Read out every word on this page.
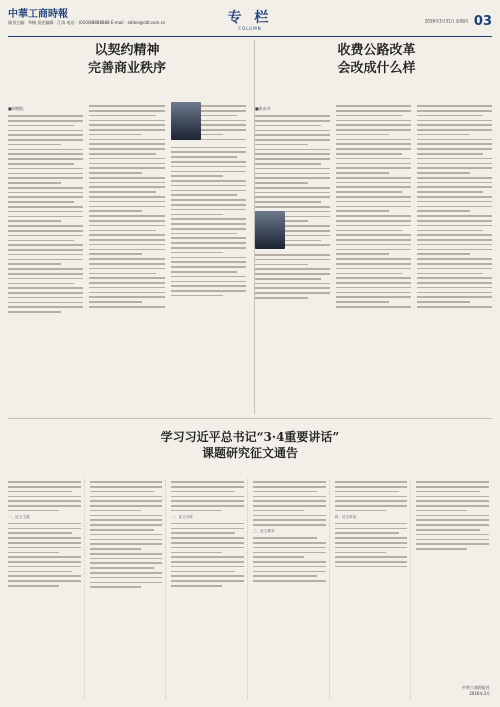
中華工商時報
副刊主编：李楠 责任编辑：江涛 电话：(010)88888888 E-mail：editor@cbt.com.cn	专 栏
COLUMN
2016年3月31日 星期四 03
以契约精神
完善商业秩序
■胡德松
收费公路改革
会改成什么样
■张东升
学习习近平总书记“3·4重要讲话”
课题研究征文通告
一、征文主题	二、征文对象
三、征文要求
四、征文时间
中华工商时报社
2016年3月
